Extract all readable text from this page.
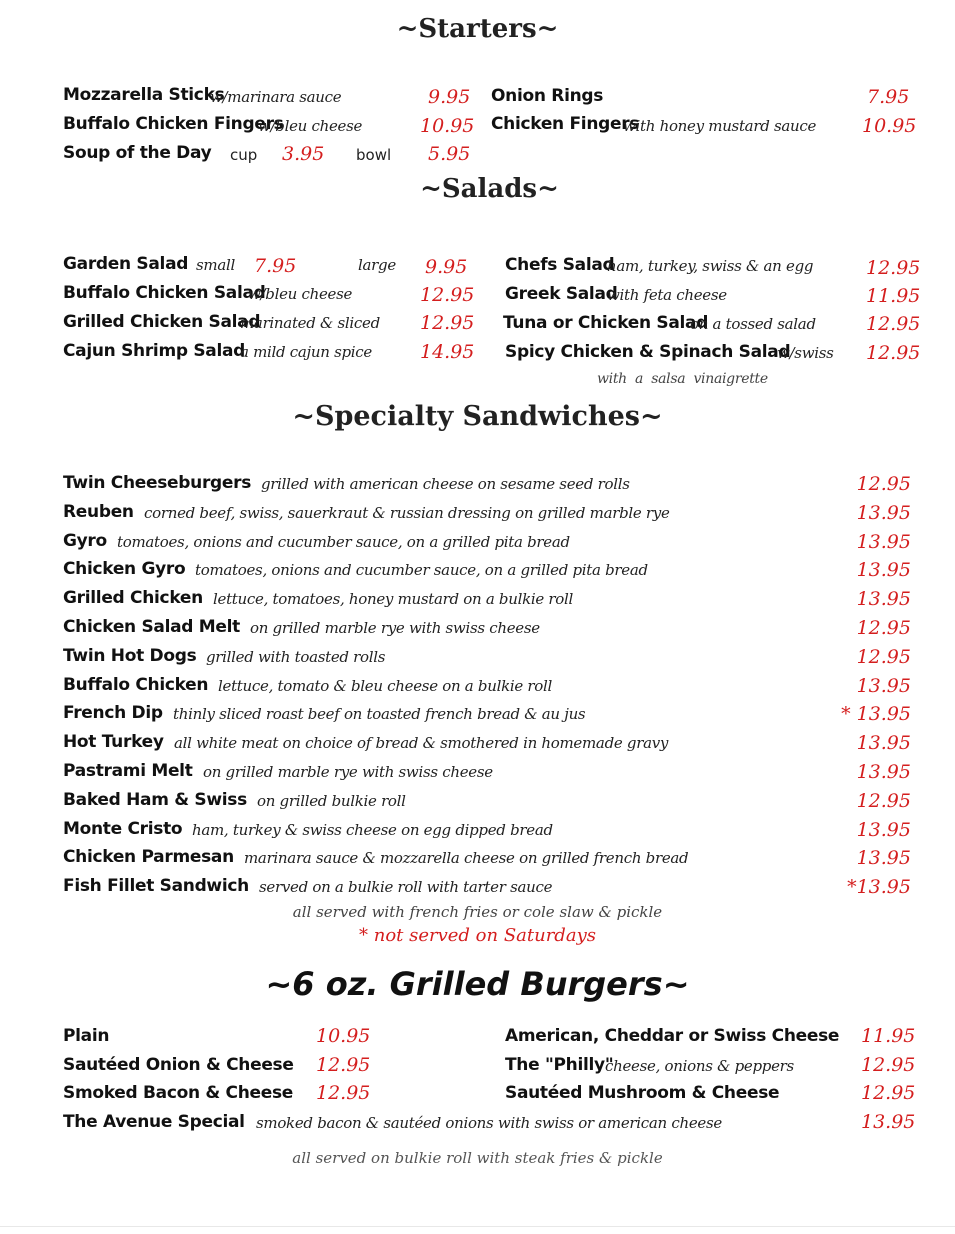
~Starters~
Mozzarella Sticks
w/marinara sauce	9.95
Buffalo Chicken Fingers
w/bleu cheese	10.95
Soup of the Day cup 3.95 bowl 5.95
Onion Rings	7.95
Chicken Fingers
with honey mustard sauce 10.95
~Salads~
Garden Salad small 7.95	large 9.95
Buffalo Chicken Salad
w/bleu cheese	12.95
Grilled Chicken Salad
marinated & sliced 12.95
Cajun Shrimp Salad
a mild cajun spice	14.95
Chefs Salad
ham, turkey, swiss & an egg	12.95
Greek Salad
with feta cheese	11.95
Tuna or Chicken Salad
on a tossed salad	12.95
Spicy Chicken & Spinach Salad
w/swiss 12.95
with a salsa vinaigrette
~Specialty Sandwiches~
Twin Cheeseburgers grilled with american cheese on sesame seed rolls	12.95
Reuben corned beef, swiss, sauerkraut & russian dressing on grilled marble rye	13.95
Gyro tomatoes, onions and cucumber sauce, on a grilled pita bread	13.95
Chicken Gyro tomatoes, onions and cucumber sauce, on a grilled pita bread	13.95
Grilled Chicken lettuce, tomatoes, honey mustard on a bulkie roll	13.95
Chicken Salad Melt on grilled marble rye with swiss cheese	12.95
Twin Hot Dogs grilled with toasted rolls	12.95
Buffalo Chicken lettuce, tomato & bleu cheese on a bulkie roll	13.95
French Dip thinly sliced roast beef on toasted french bread & au jus	* 13.95
Hot Turkey all white meat on choice of bread & smothered in homemade gravy	13.95
Pastrami Melt on grilled marble rye with swiss cheese	13.95
Baked Ham & Swiss on grilled bulkie roll	12.95
Monte Cristo ham, turkey & swiss cheese on egg dipped bread	13.95
Chicken Parmesan marinara sauce & mozzarella cheese on grilled french bread	13.95
Fish Fillet Sandwich served on a bulkie roll with tarter sauce	*13.95
all served with french fries or cole slaw & pickle
* not served on Saturdays
~6 oz. Grilled Burgers~
Plain	10.95
Sautéed Onion & Cheese 12.95
Smoked Bacon & Cheese 12.95
American, Cheddar or Swiss Cheese 11.95
The "Philly"
cheese, onions & peppers	12.95
Sautéed Mushroom & Cheese	12.95
The Avenue Special smoked bacon & sautéed onions with swiss or american cheese	13.95
all served on bulkie roll with steak fries & pickle
